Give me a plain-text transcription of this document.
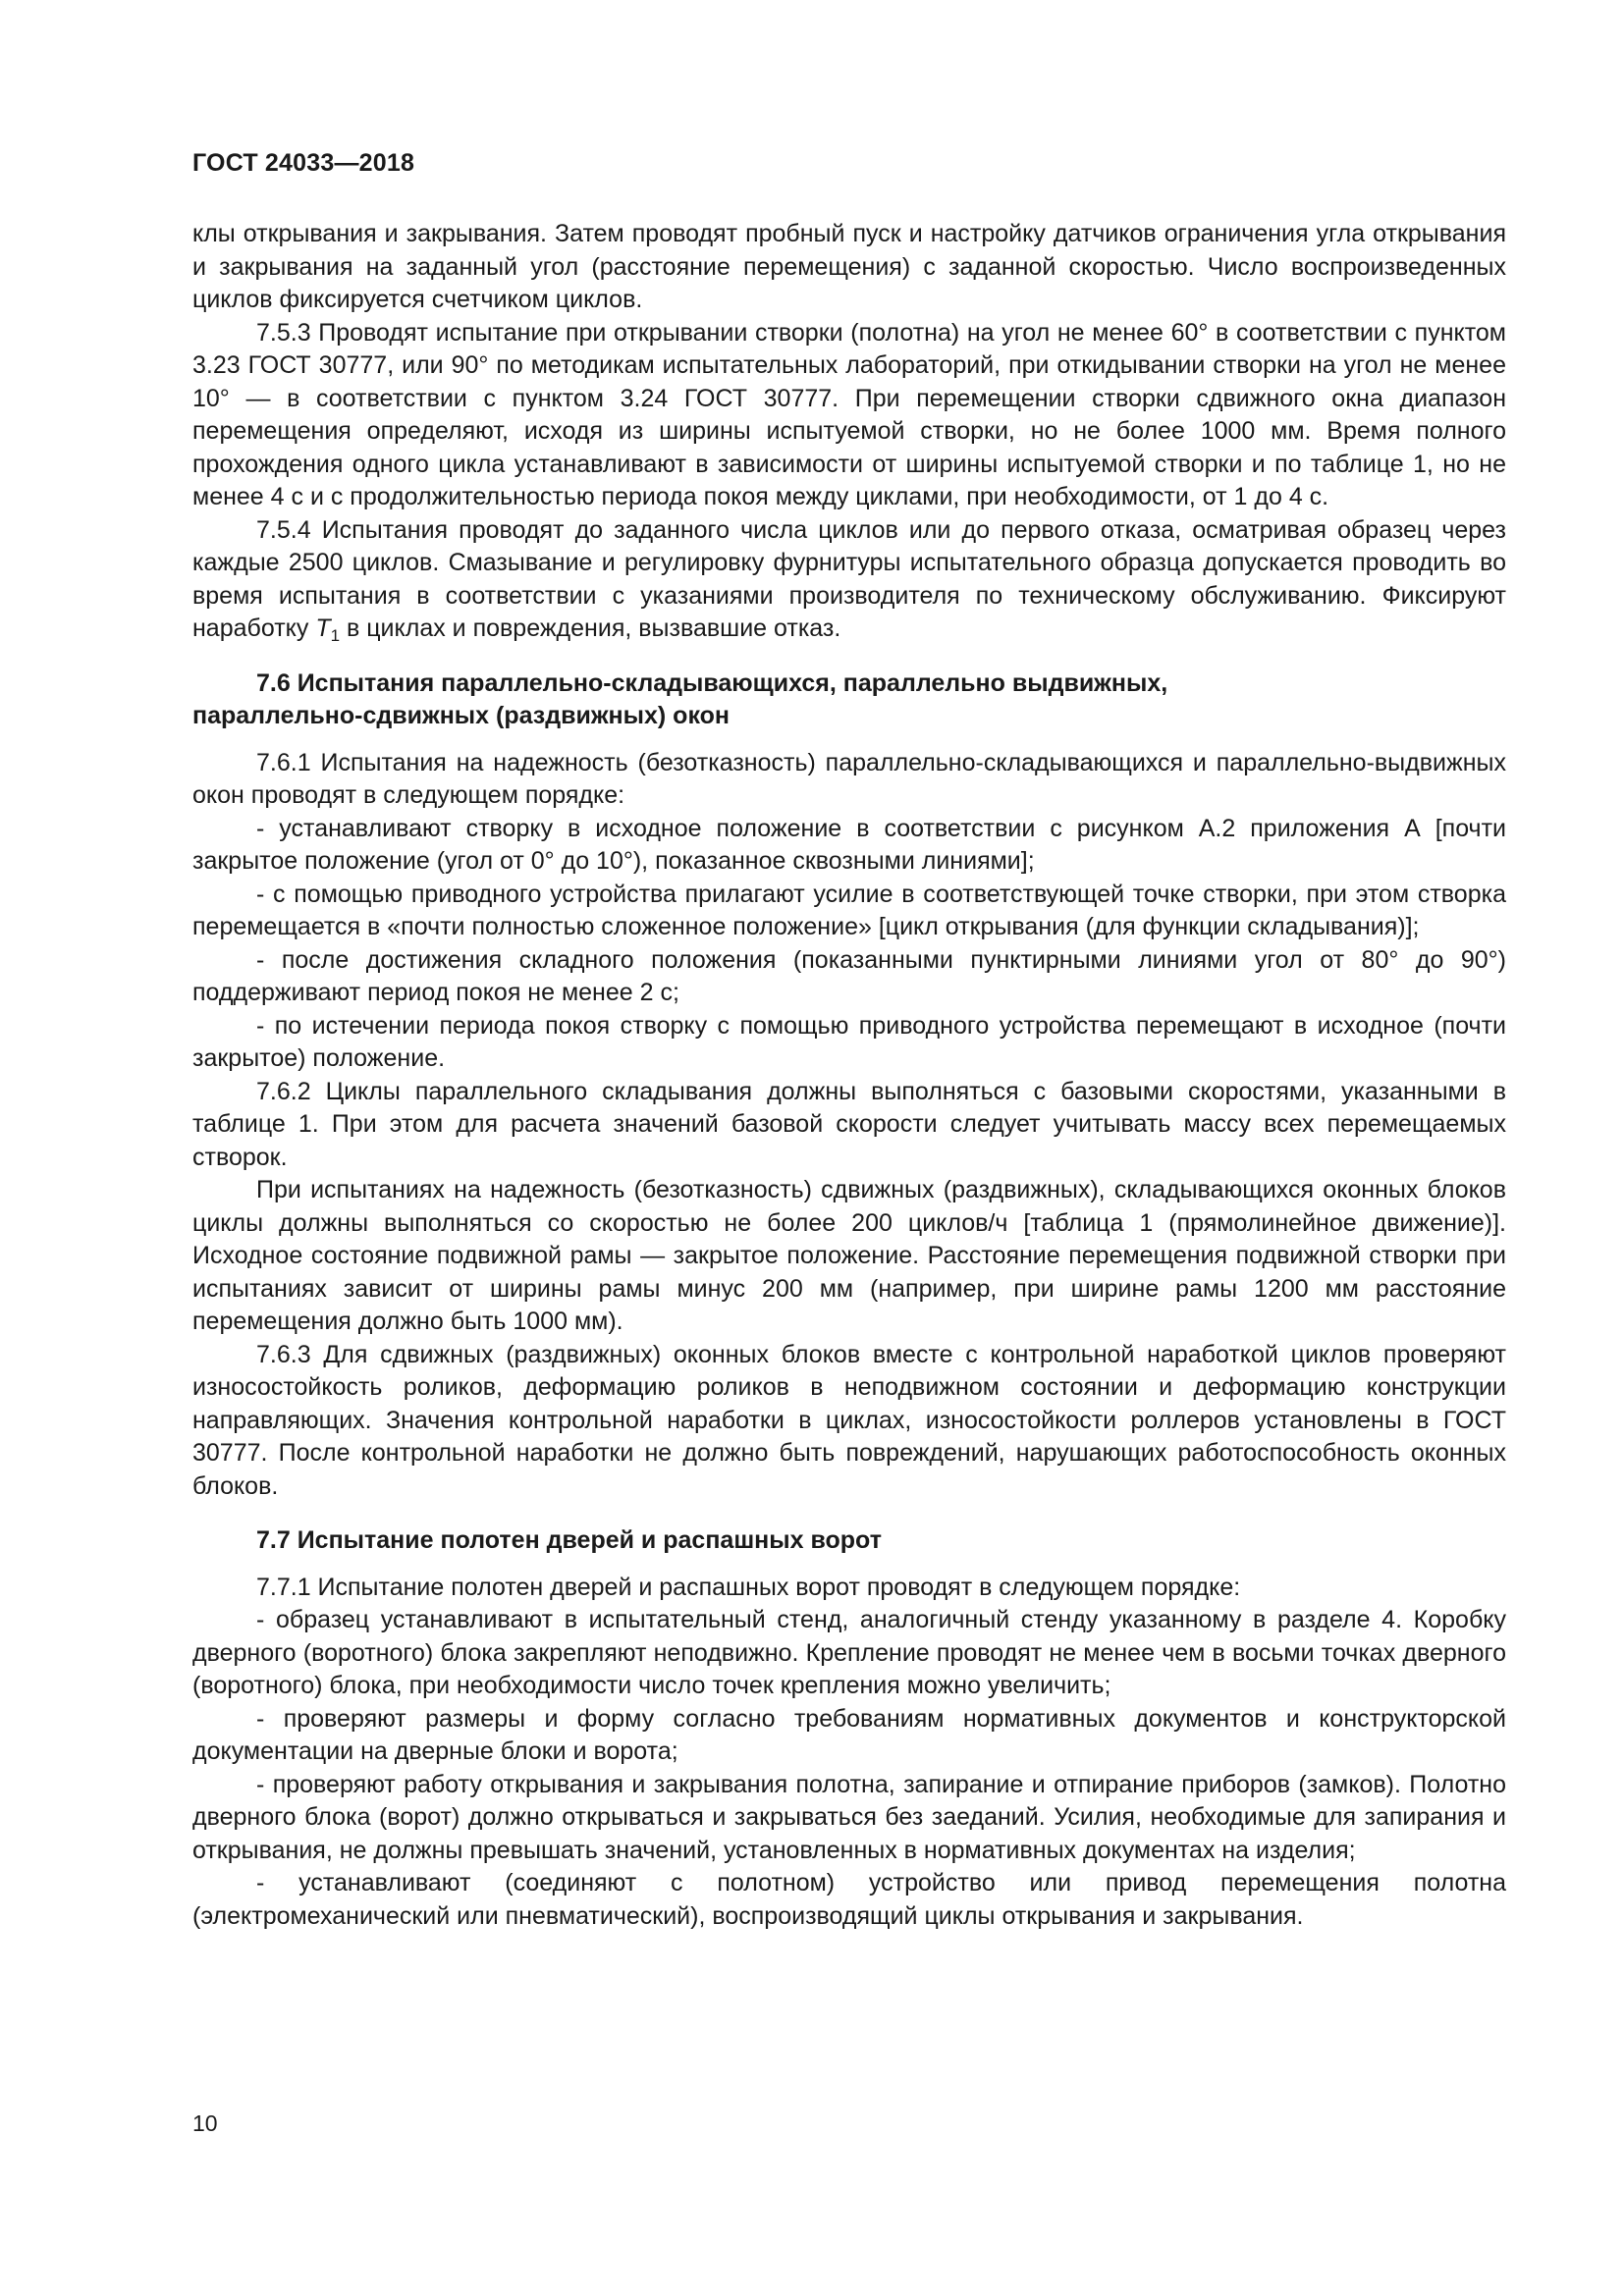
ГОСТ 24033—2018

клы открывания и закрывания. Затем проводят пробный пуск и настройку датчиков ограничения угла открывания и закрывания на заданный угол (расстояние перемещения) с заданной скоростью. Число воспроизведенных циклов фиксируется счетчиком циклов.

7.5.3 Проводят испытание при открывании створки (полотна) на угол не менее 60° в соответствии с пунктом 3.23 ГОСТ 30777, или 90° по методикам испытательных лабораторий, при откидывании створки на угол не менее 10° — в соответствии с пунктом 3.24 ГОСТ 30777. При перемещении створки сдвижного окна диапазон перемещения определяют, исходя из ширины испытуемой створки, но не более 1000 мм. Время полного прохождения одного цикла устанавливают в зависимости от ширины испытуемой створки и по таблице 1, но не менее 4 с и с продолжительностью периода покоя между циклами, при необходимости, от 1 до 4 с.

7.5.4 Испытания проводят до заданного числа циклов или до первого отказа, осматривая образец через каждые 2500 циклов. Смазывание и регулировку фурнитуры испытательного образца допускается проводить во время испытания в соответствии с указаниями производителя по техническому обслуживанию. Фиксируют наработку $T_1$ в циклах и повреждения, вызвавшие отказ.

7.6 Испытания параллельно-складывающихся, параллельно выдвижных,
параллельно-сдвижных (раздвижных) окон

7.6.1 Испытания на надежность (безотказность) параллельно-складывающихся и параллельно-выдвижных окон проводят в следующем порядке:

- устанавливают створку в исходное положение в соответствии с рисунком А.2 приложения А [почти закрытое положение (угол от 0° до 10°), показанное сквозными линиями];

- с помощью приводного устройства прилагают усилие в соответствующей точке створки, при этом створка перемещается в «почти полностью сложенное положение» [цикл открывания (для функции складывания)];

- после достижения складного положения (показанными пунктирными линиями угол от 80° до 90°) поддерживают период покоя не менее 2 с;

- по истечении периода покоя створку с помощью приводного устройства перемещают в исходное (почти закрытое) положение.

7.6.2 Циклы параллельного складывания должны выполняться с базовыми скоростями, указанными в таблице 1. При этом для расчета значений базовой скорости следует учитывать массу всех перемещаемых створок.

При испытаниях на надежность (безотказность) сдвижных (раздвижных), складывающихся оконных блоков циклы должны выполняться со скоростью не более 200 циклов/ч [таблица 1 (прямолинейное движение)]. Исходное состояние подвижной рамы — закрытое положение. Расстояние перемещения подвижной створки при испытаниях зависит от ширины рамы минус 200 мм (например, при ширине рамы 1200 мм расстояние перемещения должно быть 1000 мм).

7.6.3 Для сдвижных (раздвижных) оконных блоков вместе с контрольной наработкой циклов проверяют износостойкость роликов, деформацию роликов в неподвижном состоянии и деформацию конструкции направляющих. Значения контрольной наработки в циклах, износостойкости роллеров установлены в ГОСТ 30777. После контрольной наработки не должно быть повреждений, нарушающих работоспособность оконных блоков.

7.7 Испытание полотен дверей и распашных ворот

7.7.1 Испытание полотен дверей и распашных ворот проводят в следующем порядке:

- образец устанавливают в испытательный стенд, аналогичный стенду указанному в разделе 4. Коробку дверного (воротного) блока закрепляют неподвижно. Крепление проводят не менее чем в восьми точках дверного (воротного) блока, при необходимости число точек крепления можно увеличить;

- проверяют размеры и форму согласно требованиям нормативных документов и конструкторской документации на дверные блоки и ворота;

- проверяют работу открывания и закрывания полотна, запирание и отпирание приборов (замков). Полотно дверного блока (ворот) должно открываться и закрываться без заеданий. Усилия, необходимые для запирания и открывания, не должны превышать значений, установленных в нормативных документах на изделия;

- устанавливают (соединяют с полотном) устройство или привод перемещения полотна (электромеханический или пневматический), воспроизводящий циклы открывания и закрывания.

10
